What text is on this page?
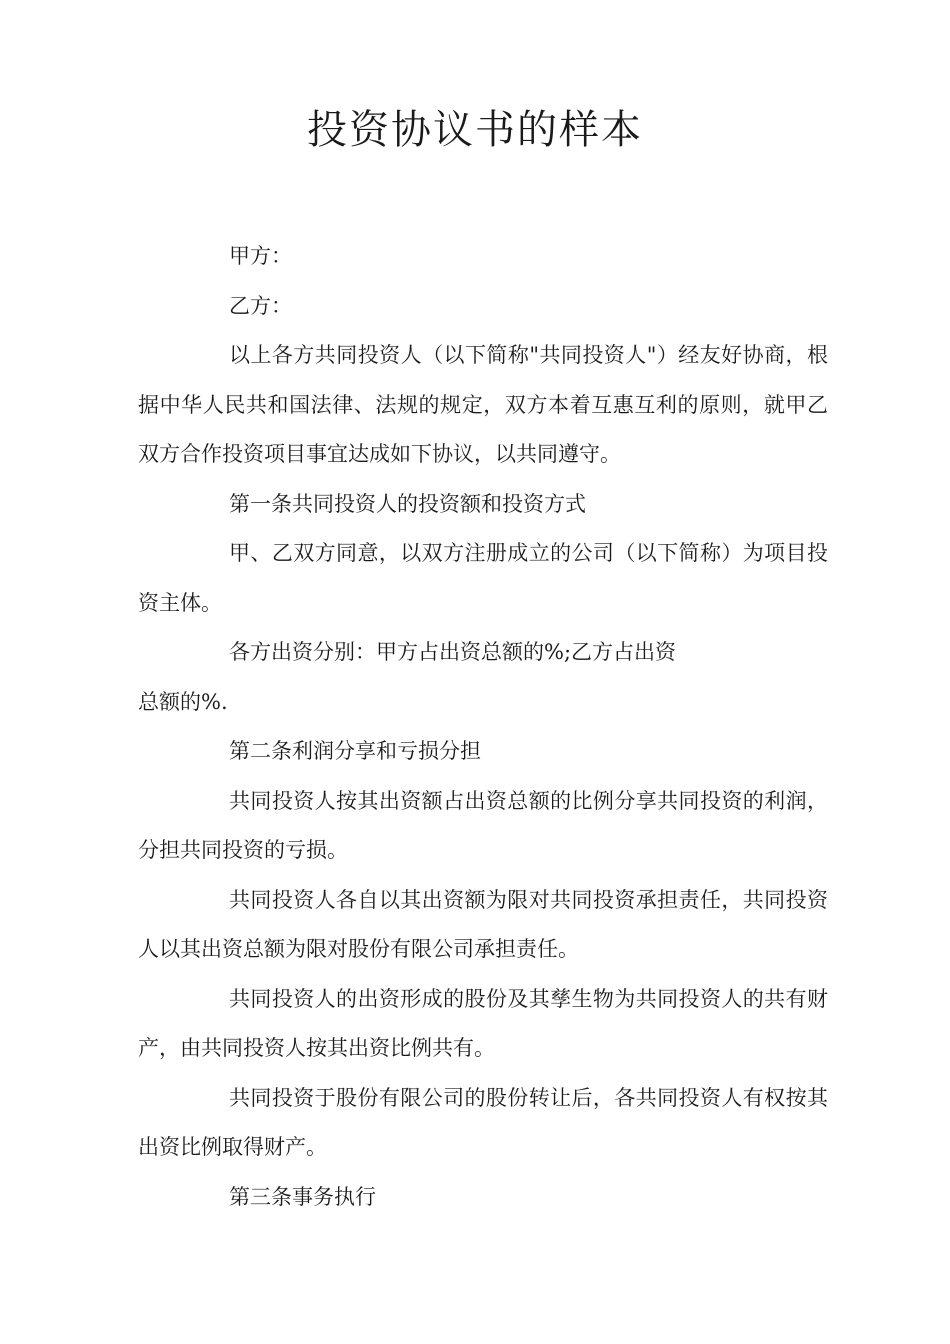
投资协议书的样本

甲方：

乙方：

以上各方共同投资人（以下简称"共同投资人"）经友好协商，根据中华人民共和国法律、法规的规定，双方本着互惠互利的原则，就甲乙双方合作投资项目事宜达成如下协议，以共同遵守。

第一条共同投资人的投资额和投资方式

甲、乙双方同意，以双方注册成立的公司（以下简称）为项目投资主体。

各方出资分别：甲方占出资总额的%;乙方占出资

总额的%.

第二条利润分享和亏损分担

共同投资人按其出资额占出资总额的比例分享共同投资的利润，分担共同投资的亏损。

共同投资人各自以其出资额为限对共同投资承担责任，共同投资人以其出资总额为限对股份有限公司承担责任。

共同投资人的出资形成的股份及其孳生物为共同投资人的共有财产，由共同投资人按其出资比例共有。

共同投资于股份有限公司的股份转让后，各共同投资人有权按其出资比例取得财产。

第三条事务执行
